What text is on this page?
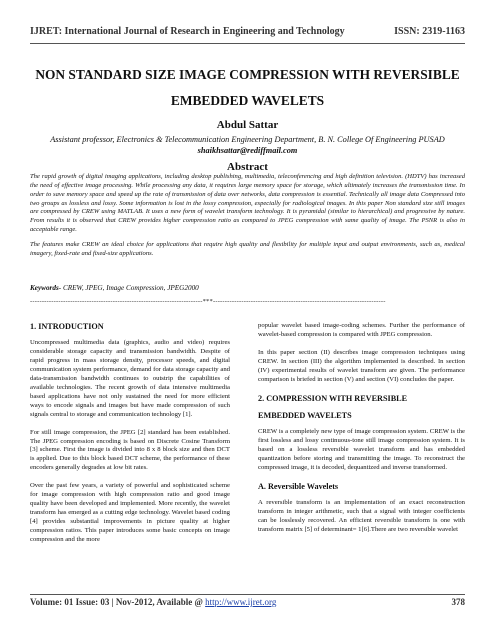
IJRET: International Journal of Research in Engineering and Technology	ISSN: 2319-1163
NON STANDARD SIZE IMAGE COMPRESSION WITH REVERSIBLE
EMBEDDED WAVELETS
Abdul Sattar
Assistant professor, Electronics & Telecommunication Engineering Department, B. N. College Of Engineering PUSAD
shaikhsattar@rediffmail.com
Abstract

The rapid growth of digital imaging applications, including desktop publishing, multimedia, teleconferencing and high definition television. (HDTV) has increased the need of effective image processing. While processing any data, it requires large memory space for storage, which ultimately increases the transmission time. In order to save memory space and speed up the rate of transmission of data over networks, data compression is essential. Technically all image data Compressed into two groups as lossless and lossy. Some information is lost in the lossy compression, especially for radiological images. In this paper Non standard size still images are compressed by CREW using MATLAB. It uses a new form of wavelet transform technology. It is pyramidal (similar to hierarchical) and progressive by nature. From results it is observed that CREW provides higher compression ratio as compared to JPEG compression with same quality of image. The PSNR is also in acceptable range.

The features make CREW an ideal choice for applications that require high quality and flexibility for multiple input and output environments, such as, medical imagery, fixed-rate and fixed-size applications.

Keywords- CREW, JPEG, Image Compression, JPEG2000
-------------------------------------------------------------------------***-------------------------------------------------------------------------

1. INTRODUCTION

Uncompressed multimedia data (graphics, audio and video) requires considerable storage capacity and transmission bandwidth. Despite of rapid progress in mass storage density, processor speeds, and digital communication system performance, demand for data storage capacity and data-transmission bandwidth continues to outstrip the capabilities of available technologies. The recent growth of data intensive multimedia based applications have not only sustained the need for more efficient ways to encode signals and images but have made compression of such signals central to storage and communication technology [1].

For still image compression, the JPEG [2] standard has been established. The JPEG compression encoding is based on Discrete Cosine Transform [3] scheme. First the image is divided into 8 x 8 block size and then DCT is applied. Due to this block based DCT scheme, the performance of these encoders generally degrades at low bit rates.

Over the past few years, a variety of powerful and sophisticated scheme for image compression with high compression ratio and good image quality have been developed and implemented. More recently, the wavelet transform has emerged as a cutting edge technology. Wavelet based coding [4] provides substantial improvements in picture quality at higher compression ratios. This paper introduces some basic concepts on image compression and the more

popular wavelet based image-coding schemes. Further the performance of wavelet-based compression is compared with JPEG compression.

In this paper section (II) describes image compression techniques using CREW. In section (III) the algorithm implemented is described. In section (IV) experimental results of wavelet transform are given. The performance comparison is briefed in section (V) and section (VI) concludes the paper.

2. COMPRESSION WITH REVERSIBLE

EMBEDDED WAVELETS

CREW is a completely new type of image compression system. CREW is the first lossless and lossy continuous-tone still image compression system. It is based on a lossless reversible wavelet transform and has embedded quantization before storing and transmitting the image. To reconstruct the compressed image, it is decoded, dequantized and inverse transformed.

A. Reversible Wavelets

A reversible transform is an implementation of an exact reconstruction transform in integer arithmetic, such that a signal with integer coefficients can be losslessly recovered. An efficient reversible transform is one with transform matrix [5] of determinant= 1[6].There are two reversible wavelet

Volume: 01 Issue: 03 | Nov-2012, Available @ http://www.ijret.org	378
